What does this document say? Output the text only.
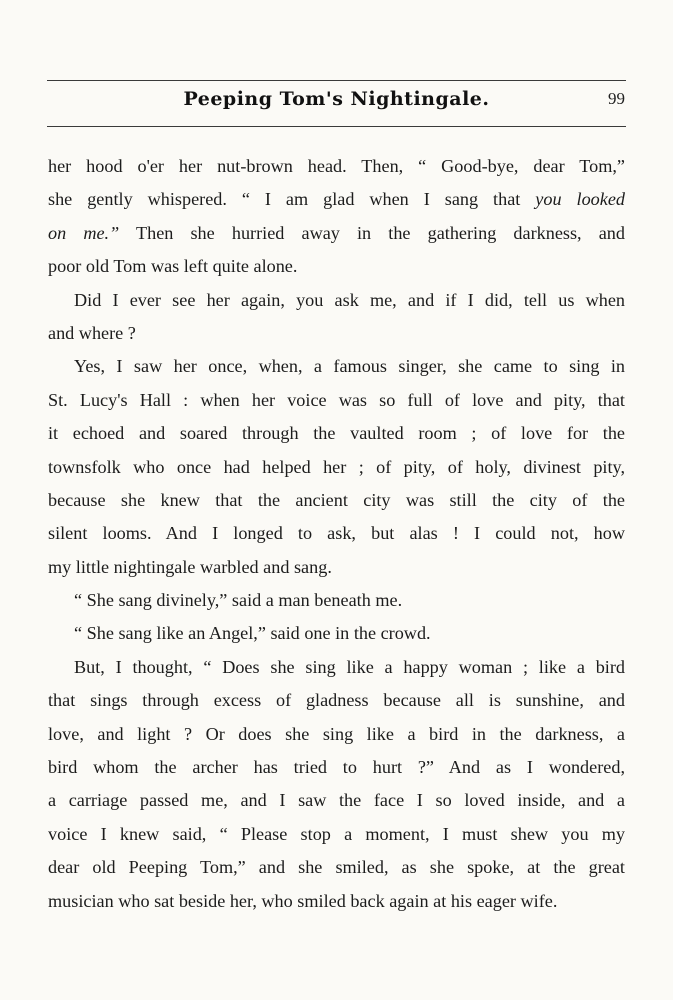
Peeping Tom's Nightingale.	99
her hood o'er her nut-brown head. Then, “ Good-bye, dear Tom,”
she gently whispered. “ I am glad when I sang that you looked
on me.” Then she hurried away in the gathering darkness, and
poor old Tom was left quite alone.
Did I ever see her again, you ask me, and if I did, tell us when
and where ?
Yes, I saw her once, when, a famous singer, she came to sing in
St. Lucy's Hall : when her voice was so full of love and pity, that
it echoed and soared through the vaulted room ; of love for the
townsfolk who once had helped her ; of pity, of holy, divinest pity,
because she knew that the ancient city was still the city of the
silent looms. And I longed to ask, but alas ! I could not, how
my little nightingale warbled and sang.
“ She sang divinely,” said a man beneath me.
“ She sang like an Angel,” said one in the crowd.
But, I thought, “ Does she sing like a happy woman ; like a bird
that sings through excess of gladness because all is sunshine, and
love, and light ? Or does she sing like a bird in the darkness, a
bird whom the archer has tried to hurt ?” And as I wondered,
a carriage passed me, and I saw the face I so loved inside, and a
voice I knew said, “ Please stop a moment, I must shew you my
dear old Peeping Tom,” and she smiled, as she spoke, at the great
musician who sat beside her, who smiled back again at his eager wife.
